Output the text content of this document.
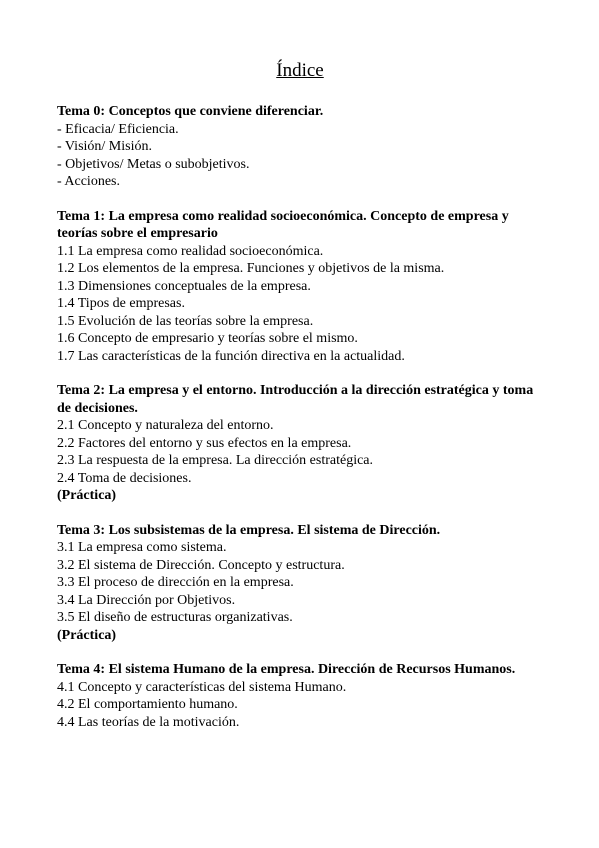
Índice

Tema 0: Conceptos que conviene diferenciar.

- Eficacia/ Eficiencia.

- Visión/ Misión.

- Objetivos/ Metas o subobjetivos.

- Acciones.

Tema 1: La empresa como realidad socioeconómica. Concepto de empresa y teorías sobre el empresario

1.1 La empresa como realidad socioeconómica.

1.2 Los elementos de la empresa. Funciones y objetivos de la misma.

1.3 Dimensiones conceptuales de la empresa.

1.4 Tipos de empresas.

1.5 Evolución de las teorías sobre la empresa.

1.6 Concepto de empresario y teorías sobre el mismo.

1.7 Las características de la función directiva en la actualidad.

Tema 2: La empresa y el entorno. Introducción a la dirección estratégica y toma de decisiones.

2.1 Concepto y naturaleza del entorno.

2.2 Factores del entorno y sus efectos en la empresa.

2.3 La respuesta de la empresa. La dirección estratégica.

2.4 Toma de decisiones.

(Práctica)

Tema 3: Los subsistemas de la empresa. El sistema de Dirección.

3.1 La empresa como sistema.

3.2 El sistema de Dirección. Concepto y estructura.

3.3 El proceso de dirección en la empresa.

3.4 La Dirección por Objetivos.

3.5 El diseño de estructuras organizativas.

(Práctica)

Tema 4: El sistema Humano de la empresa. Dirección de Recursos Humanos.

4.1 Concepto y características del sistema Humano.

4.2 El comportamiento humano.

4.4 Las teorías de la motivación.
